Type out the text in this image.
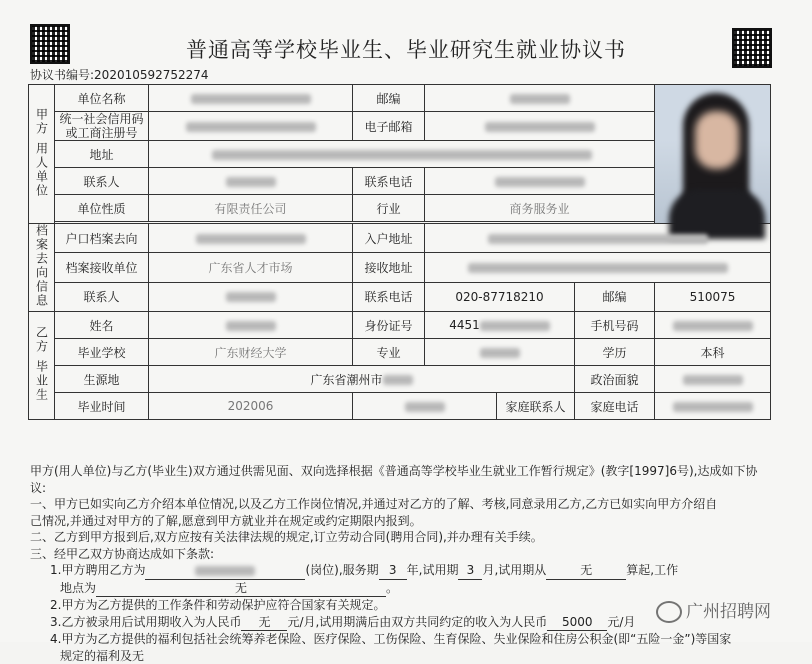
普通高等学校毕业生、毕业研究生就业协议书
协议书编号:202010592752274
甲方 用人单位	单位名称		邮编				

	统一社会信用码或工商注册号		电子邮箱				
	地址						
	联系人		联系电话				
	单位性质	有限责任公司	行业	商务服务业			

档案去向信息	户口档案去向		入户地址				
	档案接收单位	广东省人才市场	接收地址				
	联系人		联系电话	020-87718210		邮编	510075
乙方 毕业生	姓名		身份证号	4451		手机号码	
	毕业学校	广东财经大学	专业			学历	本科
	生源地	广东省潮州市				政治面貌	
	毕业时间	202006			家庭联系人	家庭电话	

甲方(用人单位)与乙方(毕业生)双方通过供需见面、双向选择根据《普通高等学校毕业生就业工作暂行规定》(教字[1997]6号),达成如下协议:

一、甲方已如实向乙方介绍本单位情况,以及乙方工作岗位情况,并通过对乙方的了解、考核,同意录用乙方,乙方已如实向甲方介绍自

己情况,并通过对甲方的了解,愿意到甲方就业并在规定或约定期限内报到。

二、乙方到甲方报到后,双方应按有关法律法规的规定,订立劳动合同(聘用合同),并办理有关手续。

三、经甲乙双方协商达成如下条款:

1.甲方聘用乙方为	(岗位),服务期 3 年,试用期 3 月,试用期从	无	算起,工作

地点为	无	。

2.甲方为乙方提供的工作条件和劳动保护应符合国家有关规定。

3.乙方被录用后试用期收入为人民币 无 元/月,试用期满后由双方共同约定的收入为人民币 5000 元/月

4.甲方为乙方提供的福利包括社会统筹养老保险、医疗保险、工伤保险、生育保险、失业保险和住房公积金(即“五险一金”)等国家

规定的福利及无

广州招聘网
